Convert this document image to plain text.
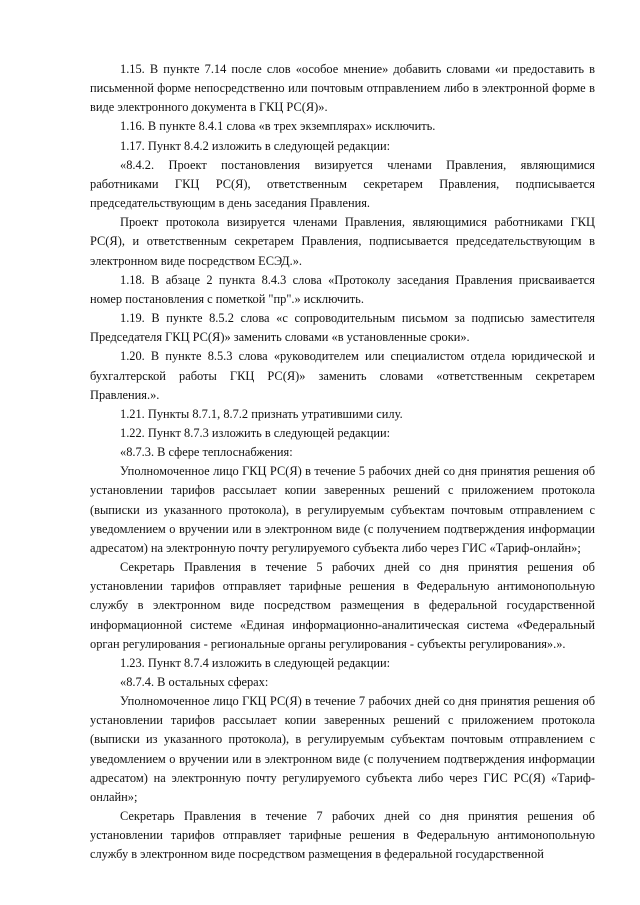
1.15. В пункте 7.14 после слов «особое мнение» добавить словами «и предоставить в письменной форме непосредственно или почтовым отправлением либо в электронной форме в виде электронного документа в ГКЦ РС(Я)».

1.16. В пункте 8.4.1 слова «в трех экземплярах» исключить.

1.17. Пункт 8.4.2 изложить в следующей редакции:

«8.4.2. Проект постановления визируется членами Правления, являющимися работниками ГКЦ РС(Я), ответственным секретарем Правления, подписывается председательствующим в день заседания Правления.

Проект протокола визируется членами Правления, являющимися работниками ГКЦ РС(Я), и ответственным секретарем Правления, подписывается председательствующим в электронном виде посредством ЕСЭД.».

1.18. В абзаце 2 пункта 8.4.3 слова «Протоколу заседания Правления присваивается номер постановления с пометкой "пр".» исключить.

1.19. В пункте 8.5.2 слова «с сопроводительным письмом за подписью заместителя Председателя ГКЦ РС(Я)» заменить словами «в установленные сроки».

1.20. В пункте 8.5.3 слова «руководителем или специалистом отдела юридической и бухгалтерской работы ГКЦ РС(Я)» заменить словами «ответственным секретарем Правления.».

1.21. Пункты 8.7.1, 8.7.2 признать утратившими силу.

1.22. Пункт 8.7.3 изложить в следующей редакции:

«8.7.3. В сфере теплоснабжения:

Уполномоченное лицо ГКЦ РС(Я) в течение 5 рабочих дней со дня принятия решения об установлении тарифов рассылает копии заверенных решений с приложением протокола (выписки из указанного протокола), в регулируемым субъектам почтовым отправлением с уведомлением о вручении или в электронном виде (с получением подтверждения информации адресатом) на электронную почту регулируемого субъекта либо через ГИС «Тариф-онлайн»;

Секретарь Правления в течение 5 рабочих дней со дня принятия решения об установлении тарифов отправляет тарифные решения в Федеральную антимонопольную службу в электронном виде посредством размещения в федеральной государственной информационной системе «Единая информационно-аналитическая система «Федеральный орган регулирования - региональные органы регулирования - субъекты регулирования».».

1.23. Пункт 8.7.4 изложить в следующей редакции:

«8.7.4. В остальных сферах:

Уполномоченное лицо ГКЦ РС(Я) в течение 7 рабочих дней со дня принятия решения об установлении тарифов рассылает копии заверенных решений с приложением протокола (выписки из указанного протокола), в регулируемым субъектам почтовым отправлением с уведомлением о вручении или в электронном виде (с получением подтверждения информации адресатом) на электронную почту регулируемого субъекта либо через ГИС РС(Я) «Тариф-онлайн»;

Секретарь Правления в течение 7 рабочих дней со дня принятия решения об установлении тарифов отправляет тарифные решения в Федеральную антимонопольную службу в электронном виде посредством размещения в федеральной государственной
